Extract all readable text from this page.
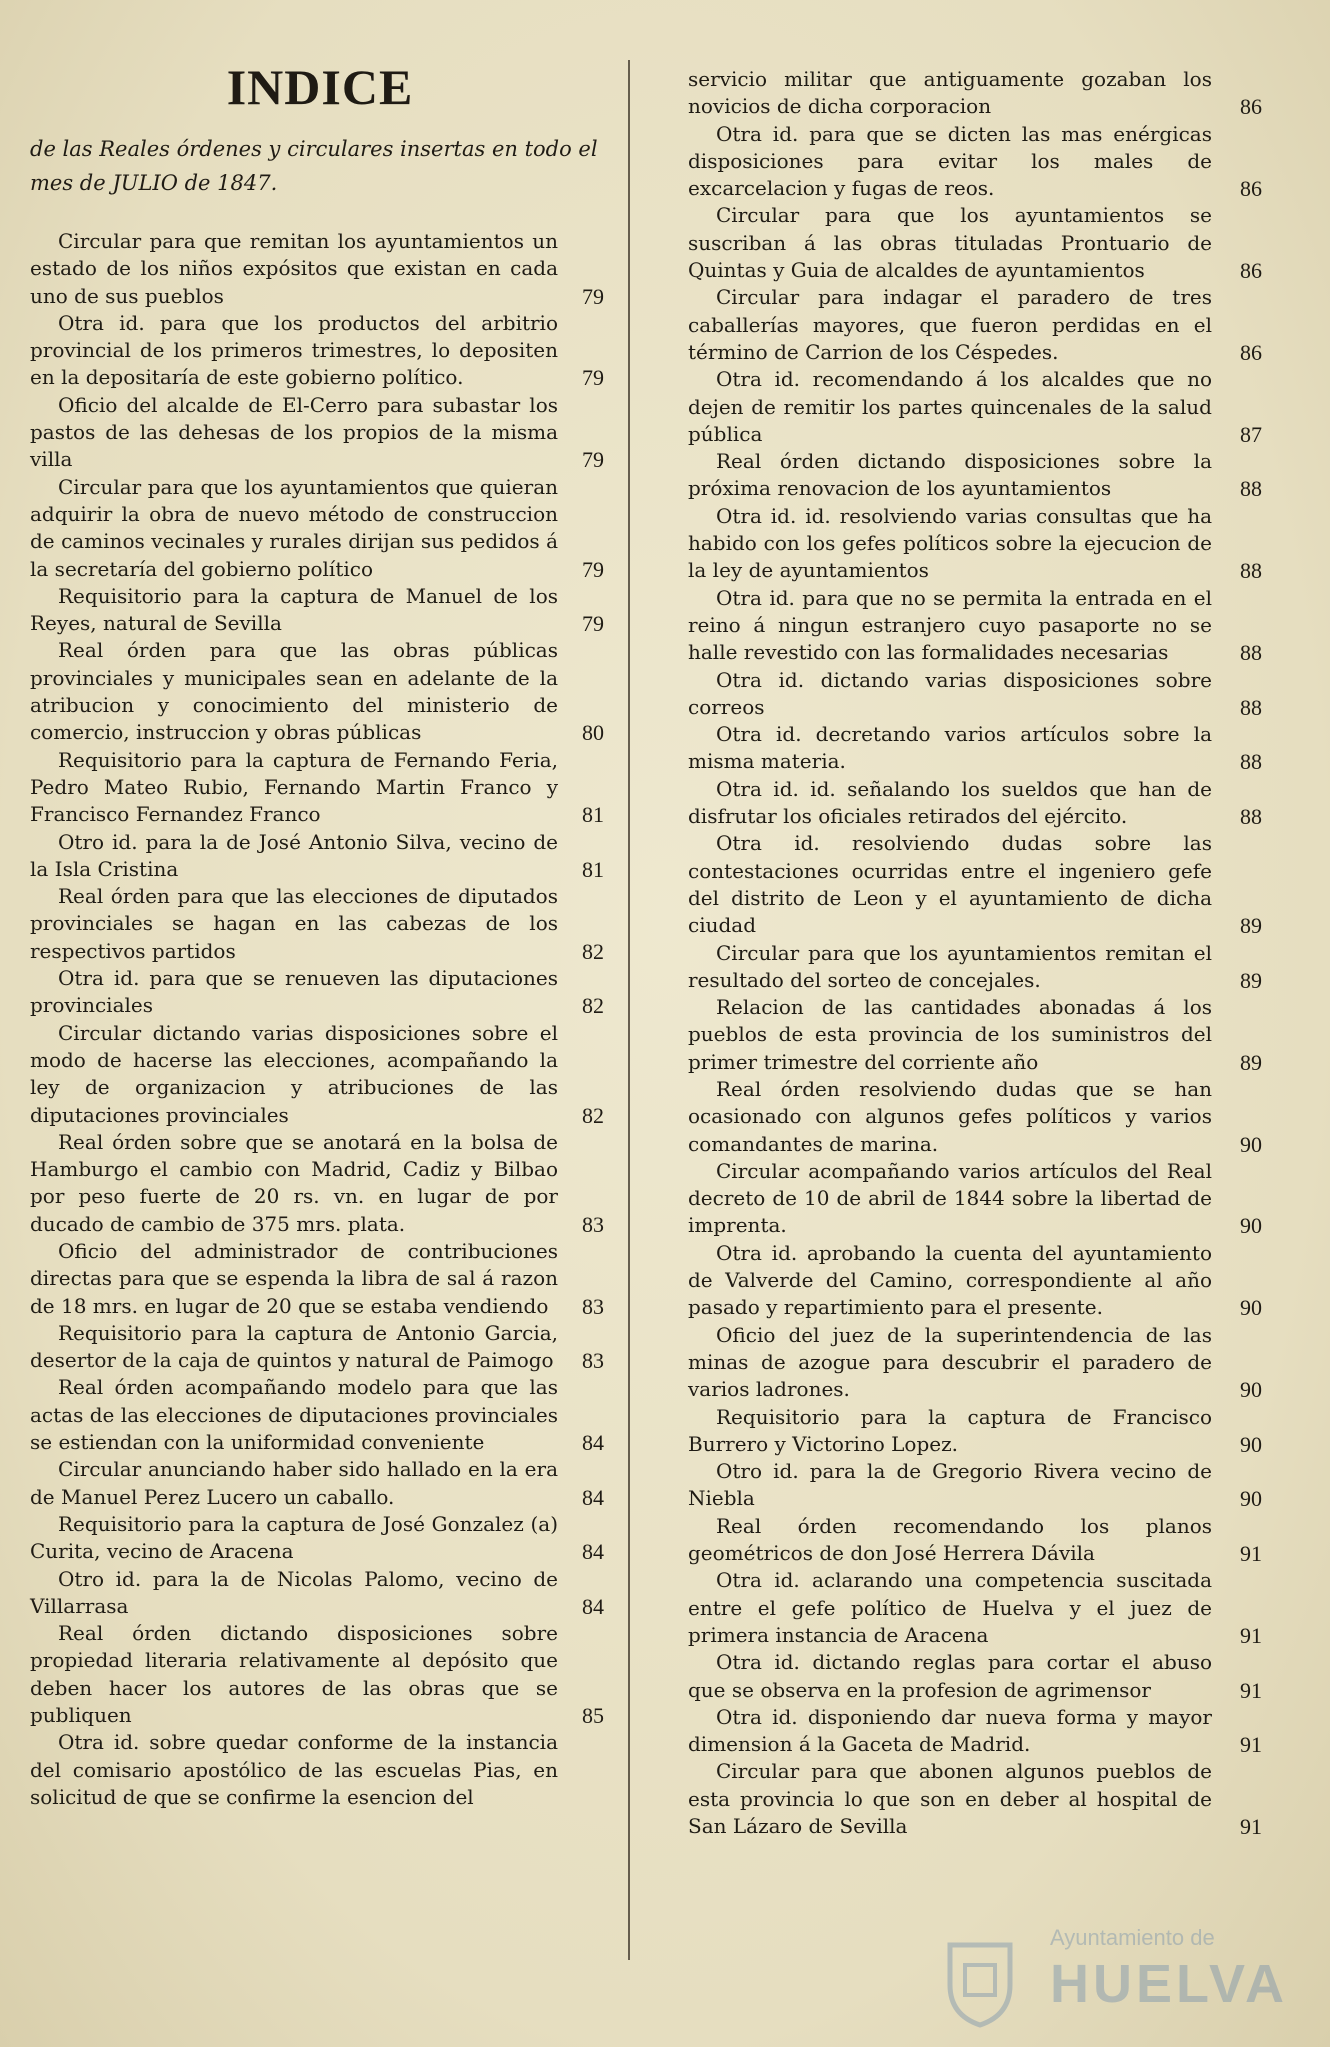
INDICE
de las Reales órdenes y circulares insertas en todo el mes de JULIO de 1847.
Circular para que remitan los ayuntamientos un estado de los niños expósitos que existan en cada uno de sus pueblos	79
Otra id. para que los productos del arbitrio provincial de los primeros trimestres, lo depositen en la depositaría de este gobierno político.	79
Oficio del alcalde de El-Cerro para subastar los pastos de las dehesas de los propios de la misma villa	79
Circular para que los ayuntamientos que quieran adquirir la obra de nuevo método de construccion de caminos vecinales y rurales dirijan sus pedidos á la secretaría del gobierno político	79
Requisitorio para la captura de Manuel de los Reyes, natural de Sevilla	79
Real órden para que las obras públicas provinciales y municipales sean en adelante de la atribucion y conocimiento del ministerio de comercio, instruccion y obras públicas	80
Requisitorio para la captura de Fernando Feria, Pedro Mateo Rubio, Fernando Martin Franco y Francisco Fernandez Franco	81
Otro id. para la de José Antonio Silva, vecino de la Isla Cristina	81
Real órden para que las elecciones de diputados provinciales se hagan en las cabezas de los respectivos partidos	82
Otra id. para que se renueven las diputaciones provinciales	82
Circular dictando varias disposiciones sobre el modo de hacerse las elecciones, acompañando la ley de organizacion y atribuciones de las diputaciones provinciales	82
Real órden sobre que se anotará en la bolsa de Hamburgo el cambio con Madrid, Cadiz y Bilbao por peso fuerte de 20 rs. vn. en lugar de por ducado de cambio de 375 mrs. plata.	83
Oficio del administrador de contribuciones directas para que se espenda la libra de sal á razon de 18 mrs. en lugar de 20 que se estaba vendiendo	83
Requisitorio para la captura de Antonio Garcia, desertor de la caja de quintos y natural de Paimogo 83
Real órden acompañando modelo para que las actas de las elecciones de diputaciones provinciales se estiendan con la uniformidad conveniente	84
Circular anunciando haber sido hallado en la era de Manuel Perez Lucero un caballo.	84
Requisitorio para la captura de José Gonzalez (a) Curita, vecino de Aracena	84
Otro id. para la de Nicolas Palomo, vecino de Villarrasa	84
Real órden dictando disposiciones sobre propiedad literaria relativamente al depósito que deben hacer los autores de las obras que se publiquen	85
Otra id. sobre quedar conforme de la instancia del comisario apostólico de las escuelas Pias, en solicitud de que se confirme la esencion del
servicio militar que antiguamente gozaban los novicios de dicha corporacion	86
Otra id. para que se dicten las mas enérgicas disposiciones para evitar los males de excarcelacion y fugas de reos.	86
Circular para que los ayuntamientos se suscriban á las obras tituladas Prontuario de Quintas y Guia de alcaldes de ayuntamientos	86
Circular para indagar el paradero de tres caballerías mayores, que fueron perdidas en el término de Carrion de los Céspedes.	86
Otra id. recomendando á los alcaldes que no dejen de remitir los partes quincenales de la salud pública	87
Real órden dictando disposiciones sobre la próxima renovacion de los ayuntamientos	88
Otra id. id. resolviendo varias consultas que ha habido con los gefes políticos sobre la ejecucion de la ley de ayuntamientos	88
Otra id. para que no se permita la entrada en el reino á ningun estranjero cuyo pasaporte no se halle revestido con las formalidades necesarias	88
Otra id. dictando varias disposiciones sobre correos	88
Otra id. decretando varios artículos sobre la misma materia.	88
Otra id. id. señalando los sueldos que han de disfrutar los oficiales retirados del ejército.	88
Otra id. resolviendo dudas sobre las contestaciones ocurridas entre el ingeniero gefe del distrito de Leon y el ayuntamiento de dicha ciudad	89
Circular para que los ayuntamientos remitan el resultado del sorteo de concejales.	89
Relacion de las cantidades abonadas á los pueblos de esta provincia de los suministros del primer trimestre del corriente año	89
Real órden resolviendo dudas que se han ocasionado con algunos gefes políticos y varios comandantes de marina.	90
Circular acompañando varios artículos del Real decreto de 10 de abril de 1844 sobre la libertad de imprenta.	90
Otra id. aprobando la cuenta del ayuntamiento de Valverde del Camino, correspondiente al año pasado y repartimiento para el presente.	90
Oficio del juez de la superintendencia de las minas de azogue para descubrir el paradero de varios ladrones.	90
Requisitorio para la captura de Francisco Burrero y Victorino Lopez.	90
Otro id. para la de Gregorio Rivera vecino de Niebla	90
Real órden recomendando los planos geométricos de don José Herrera Dávila	91
Otra id. aclarando una competencia suscitada entre el gefe político de Huelva y el juez de primera instancia de Aracena	91
Otra id. dictando reglas para cortar el abuso que se observa en la profesion de agrimensor	91
Otra id. disponiendo dar nueva forma y mayor dimension á la Gaceta de Madrid.	91
Circular para que abonen algunos pueblos de esta provincia lo que son en deber al hospital de San Lázaro de Sevilla	91
Ayuntamiento de
HUELVA
